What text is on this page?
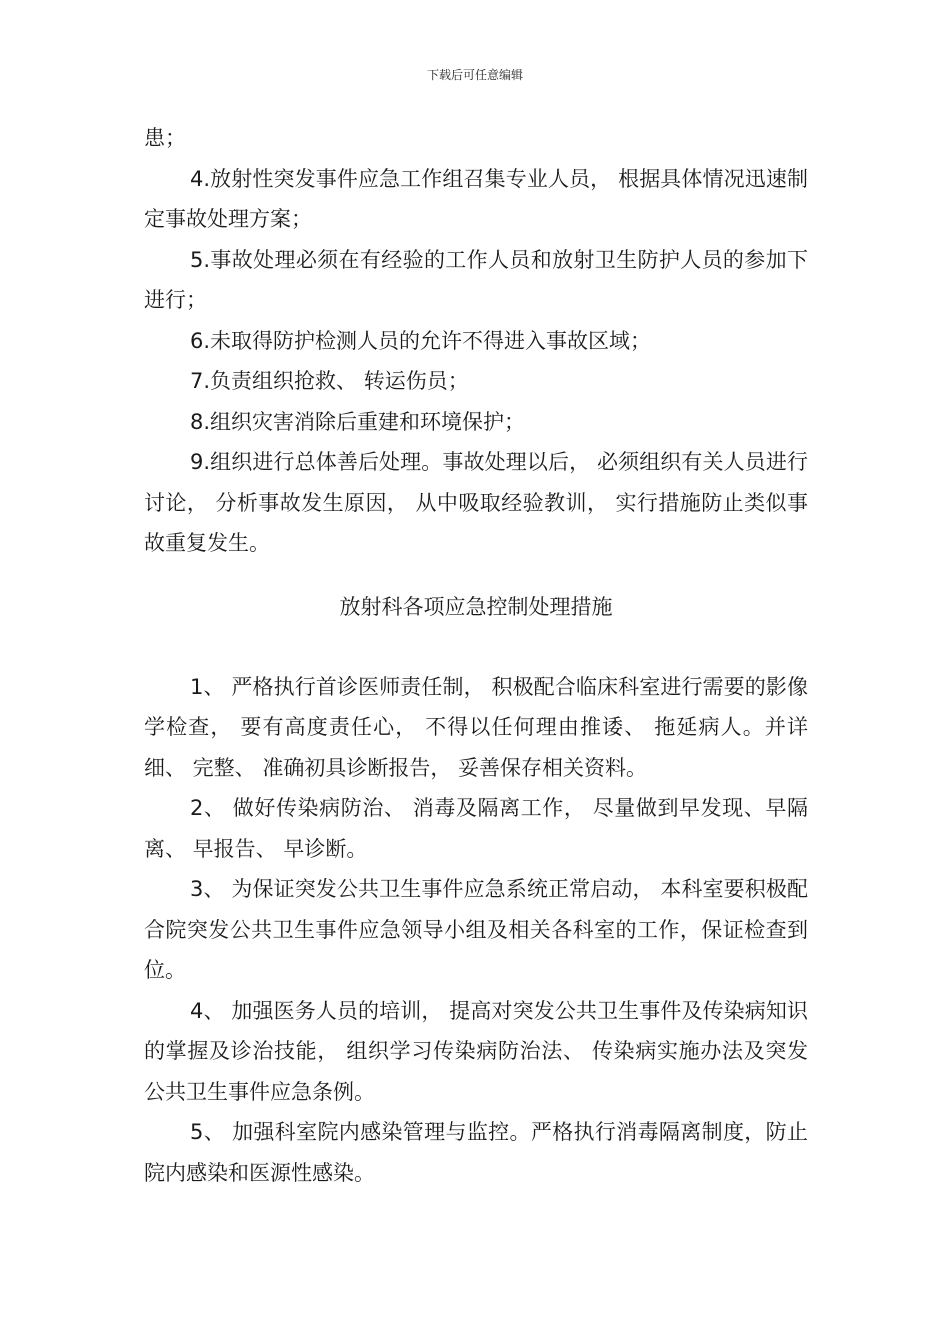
下载后可任意编辑

患；

4.放射性突发事件应急工作组召集专业人员， 根据具体情况迅速制定事故处理方案；

5.事故处理必须在有经验的工作人员和放射卫生防护人员的参加下进行；

6.未取得防护检测人员的允许不得进入事故区域；

7.负责组织抢救、 转运伤员；

8.组织灾害消除后重建和环境保护；

9.组织进行总体善后处理。事故处理以后， 必须组织有关人员进行讨论， 分析事故发生原因， 从中吸取经验教训， 实行措施防止类似事故重复发生。

放射科各项应急控制处理措施

1、 严格执行首诊医师责任制， 积极配合临床科室进行需要的影像学检查， 要有高度责任心， 不得以任何理由推诿、 拖延病人。并详细、 完整、 准确初具诊断报告， 妥善保存相关资料。

2、 做好传染病防治、 消毒及隔离工作， 尽量做到早发现、早隔离、 早报告、 早诊断。

3、 为保证突发公共卫生事件应急系统正常启动， 本科室要积极配合院突发公共卫生事件应急领导小组及相关各科室的工作，保证检查到位。

4、 加强医务人员的培训， 提高对突发公共卫生事件及传染病知识的掌握及诊治技能， 组织学习传染病防治法、 传染病实施办法及突发公共卫生事件应急条例。

5、 加强科室院内感染管理与监控。严格执行消毒隔离制度，防止院内感染和医源性感染。
